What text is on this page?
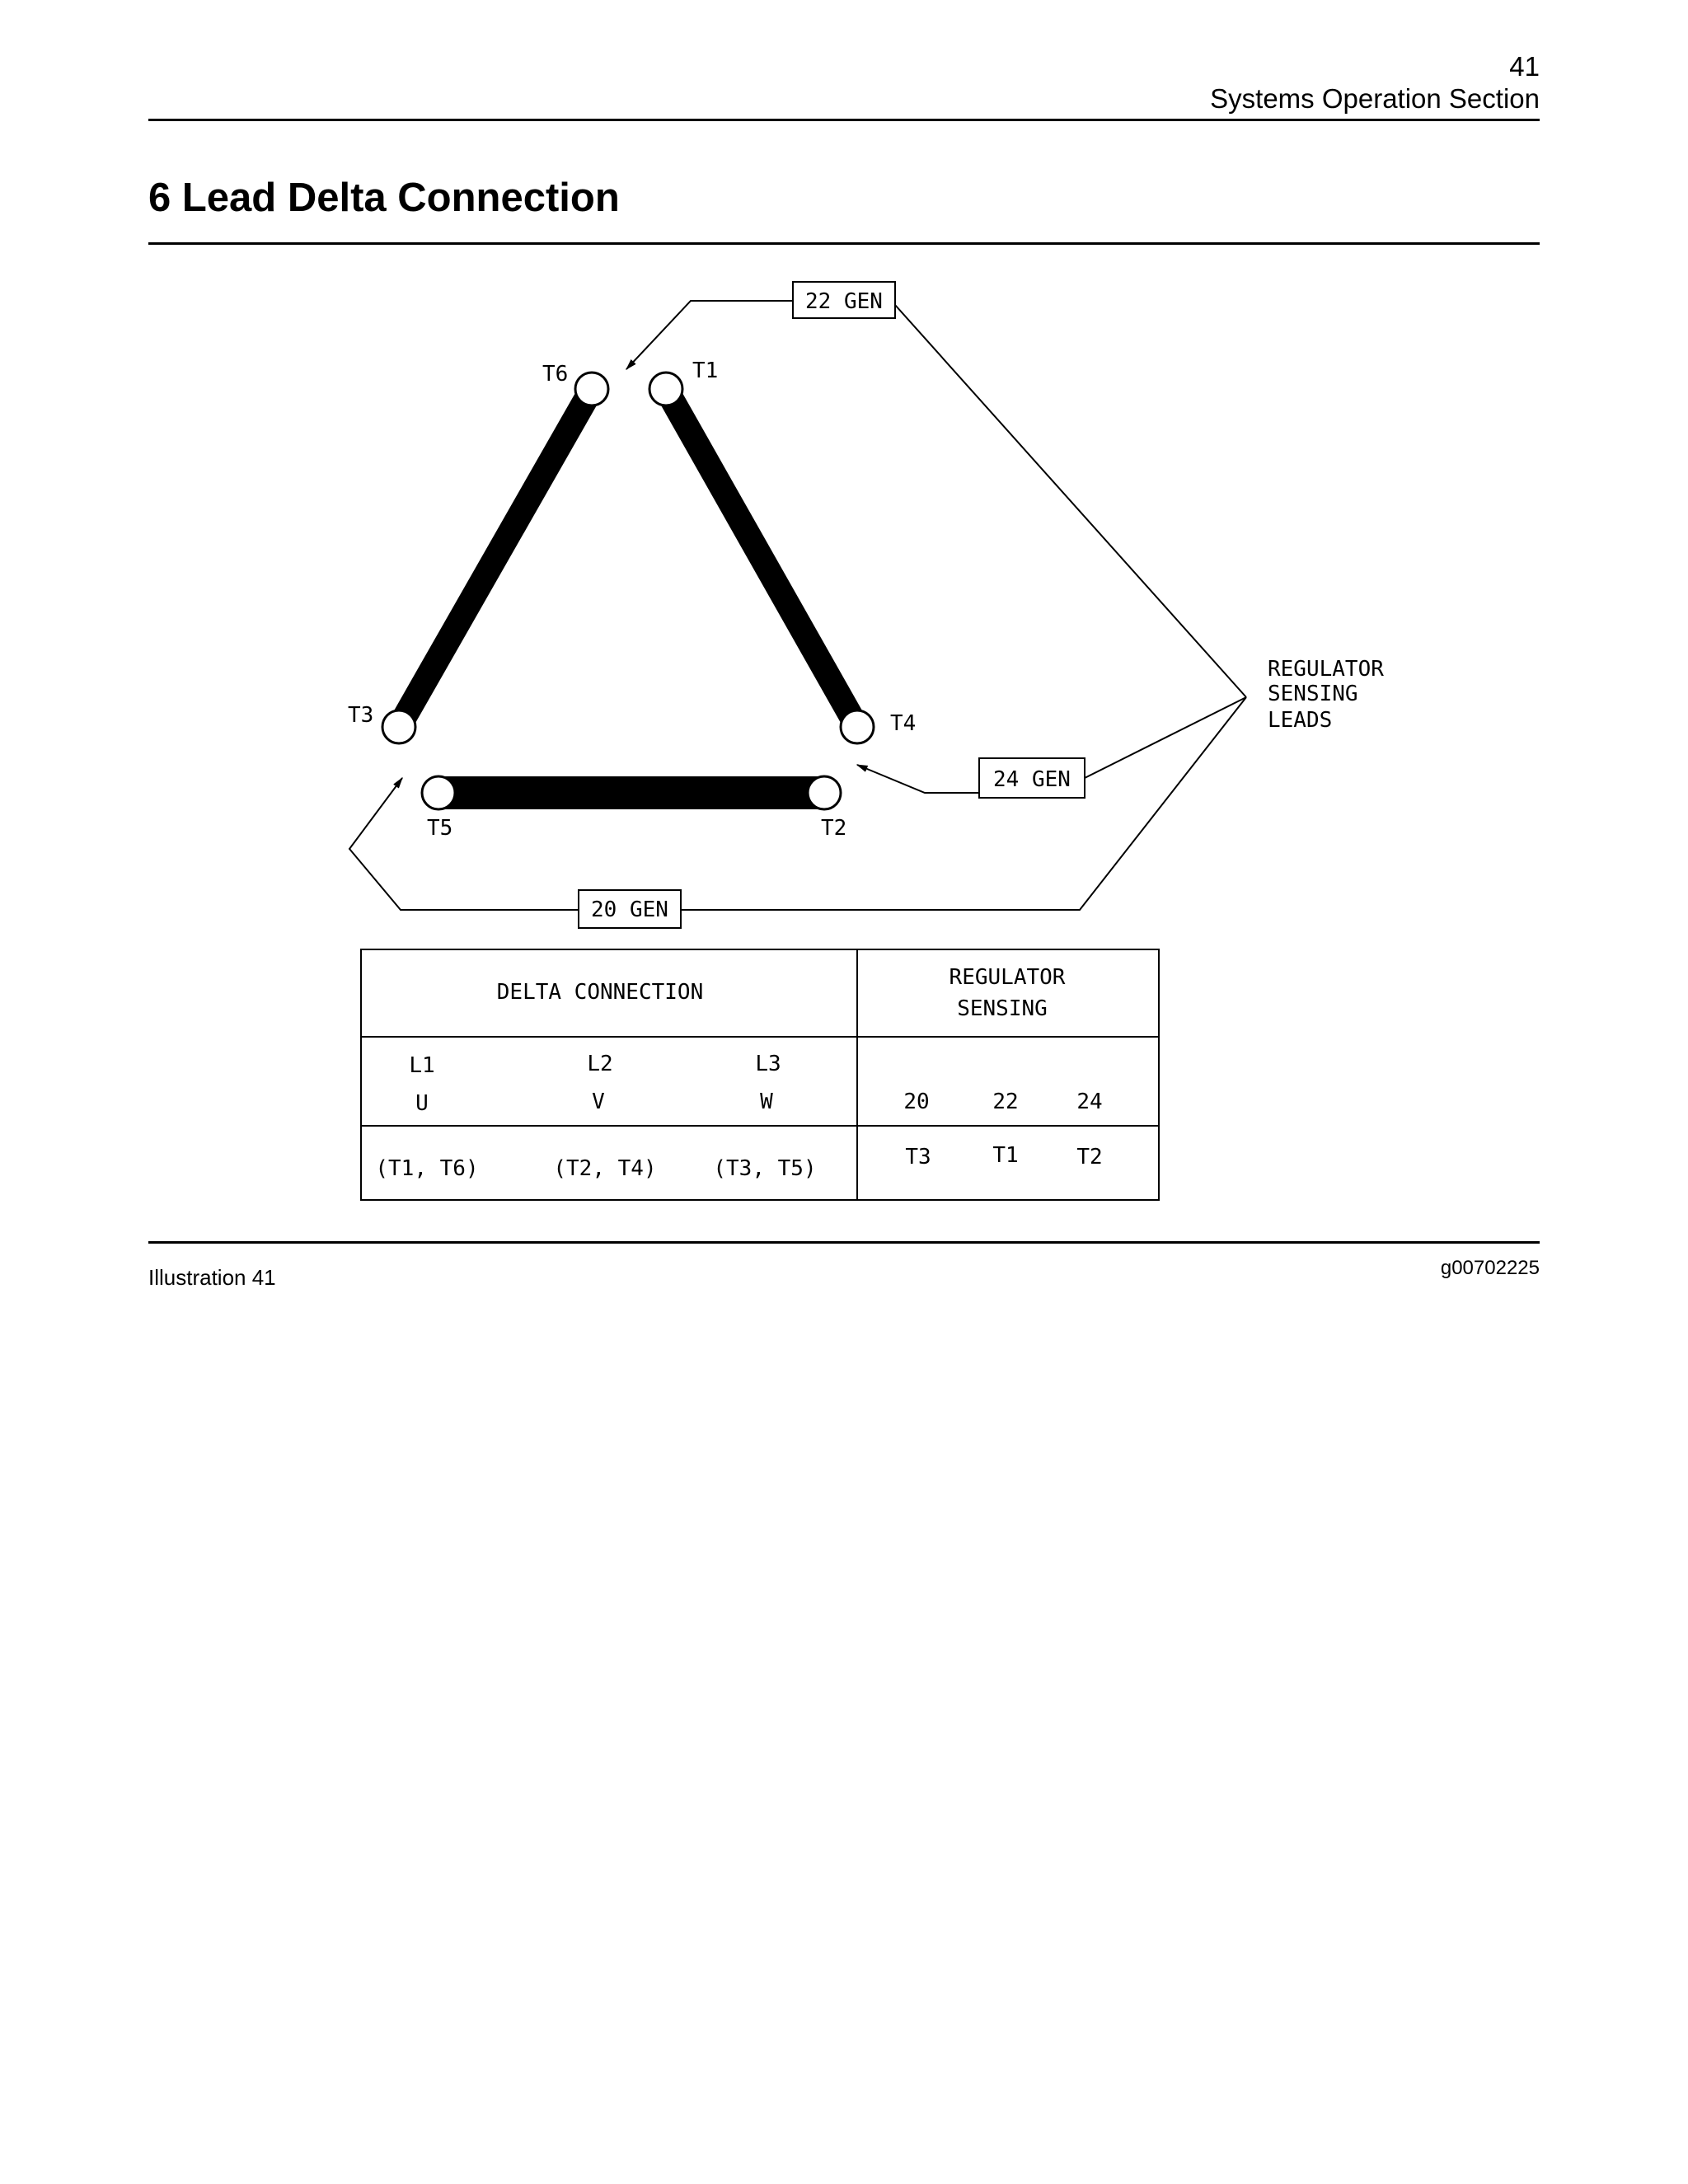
41
Systems Operation Section
6 Lead Delta Connection
T6	T1
T3	T4
T5	T2
22 GEN
24 GEN
20 GEN
REGULATOR
SENSING
LEADS
DELTA CONNECTION
REGULATOR
SENSING
L1	L2	L3
U	V	W	20	22	24
(T1, T6)	(T2, T4)	(T3, T5)	T3	T1	T2
Illustration 41	g00702225
